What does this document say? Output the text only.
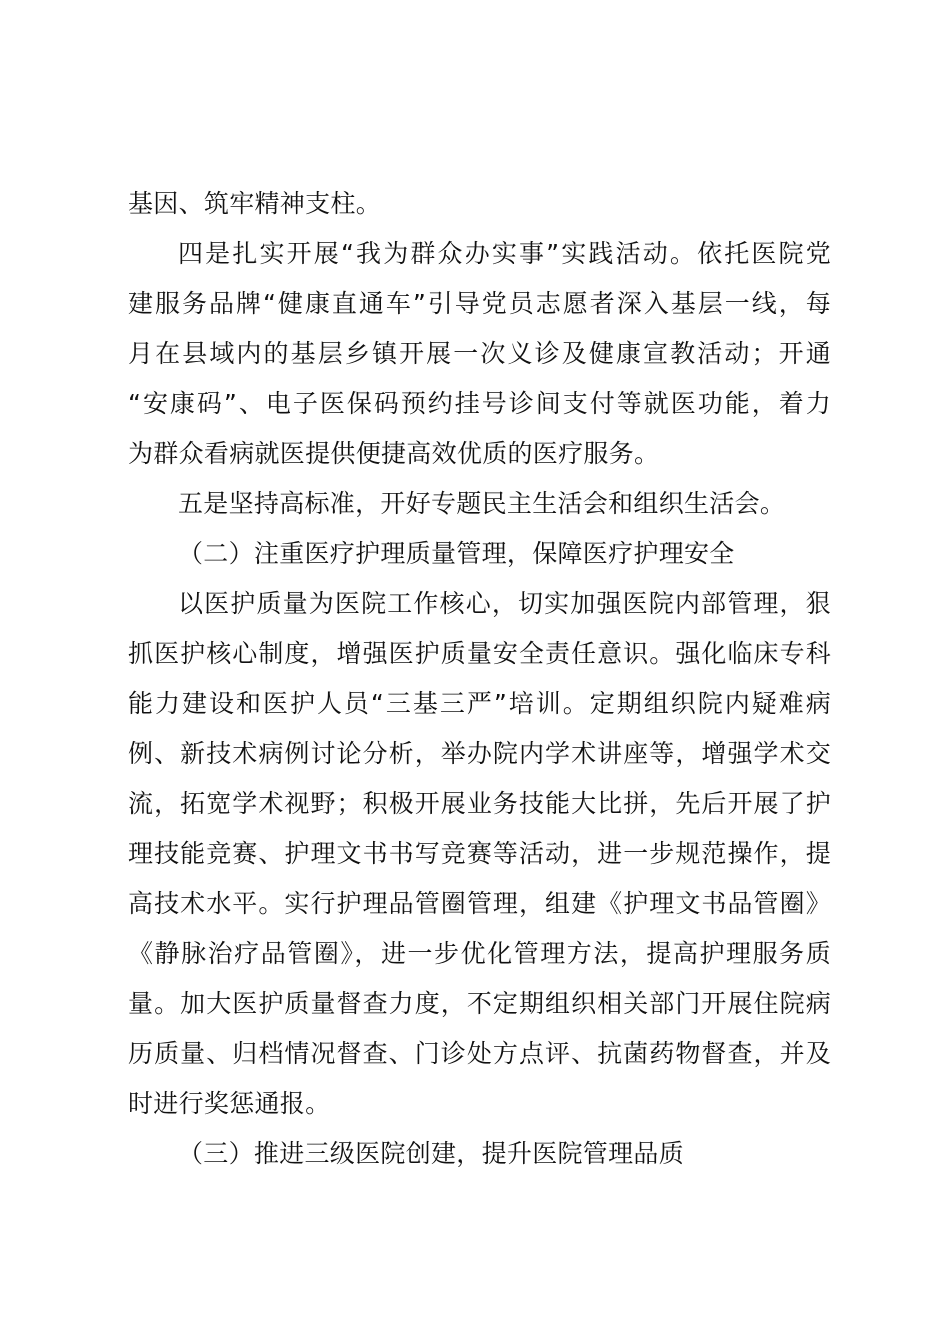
基因、筑牢精神支柱。
四是扎实开展“我为群众办实事”实践活动。依托医院党
建服务品牌“健康直通车”引导党员志愿者深入基层一线，每
月在县域内的基层乡镇开展一次义诊及健康宣教活动；开通
“安康码”、电子医保码预约挂号诊间支付等就医功能，着力
为群众看病就医提供便捷高效优质的医疗服务。
五是坚持高标准，开好专题民主生活会和组织生活会。
（二）注重医疗护理质量管理，保障医疗护理安全
以医护质量为医院工作核心，切实加强医院内部管理，狠
抓医护核心制度，增强医护质量安全责任意识。强化临床专科
能力建设和医护人员“三基三严”培训。定期组织院内疑难病
例、新技术病例讨论分析，举办院内学术讲座等，增强学术交
流，拓宽学术视野；积极开展业务技能大比拼，先后开展了护
理技能竞赛、护理文书书写竞赛等活动，进一步规范操作，提
高技术水平。实行护理品管圈管理，组建《护理文书品管圈》
《静脉治疗品管圈》，进一步优化管理方法，提高护理服务质
量。加大医护质量督查力度，不定期组织相关部门开展住院病
历质量、归档情况督查、门诊处方点评、抗菌药物督查，并及
时进行奖惩通报。
（三）推进三级医院创建，提升医院管理品质
